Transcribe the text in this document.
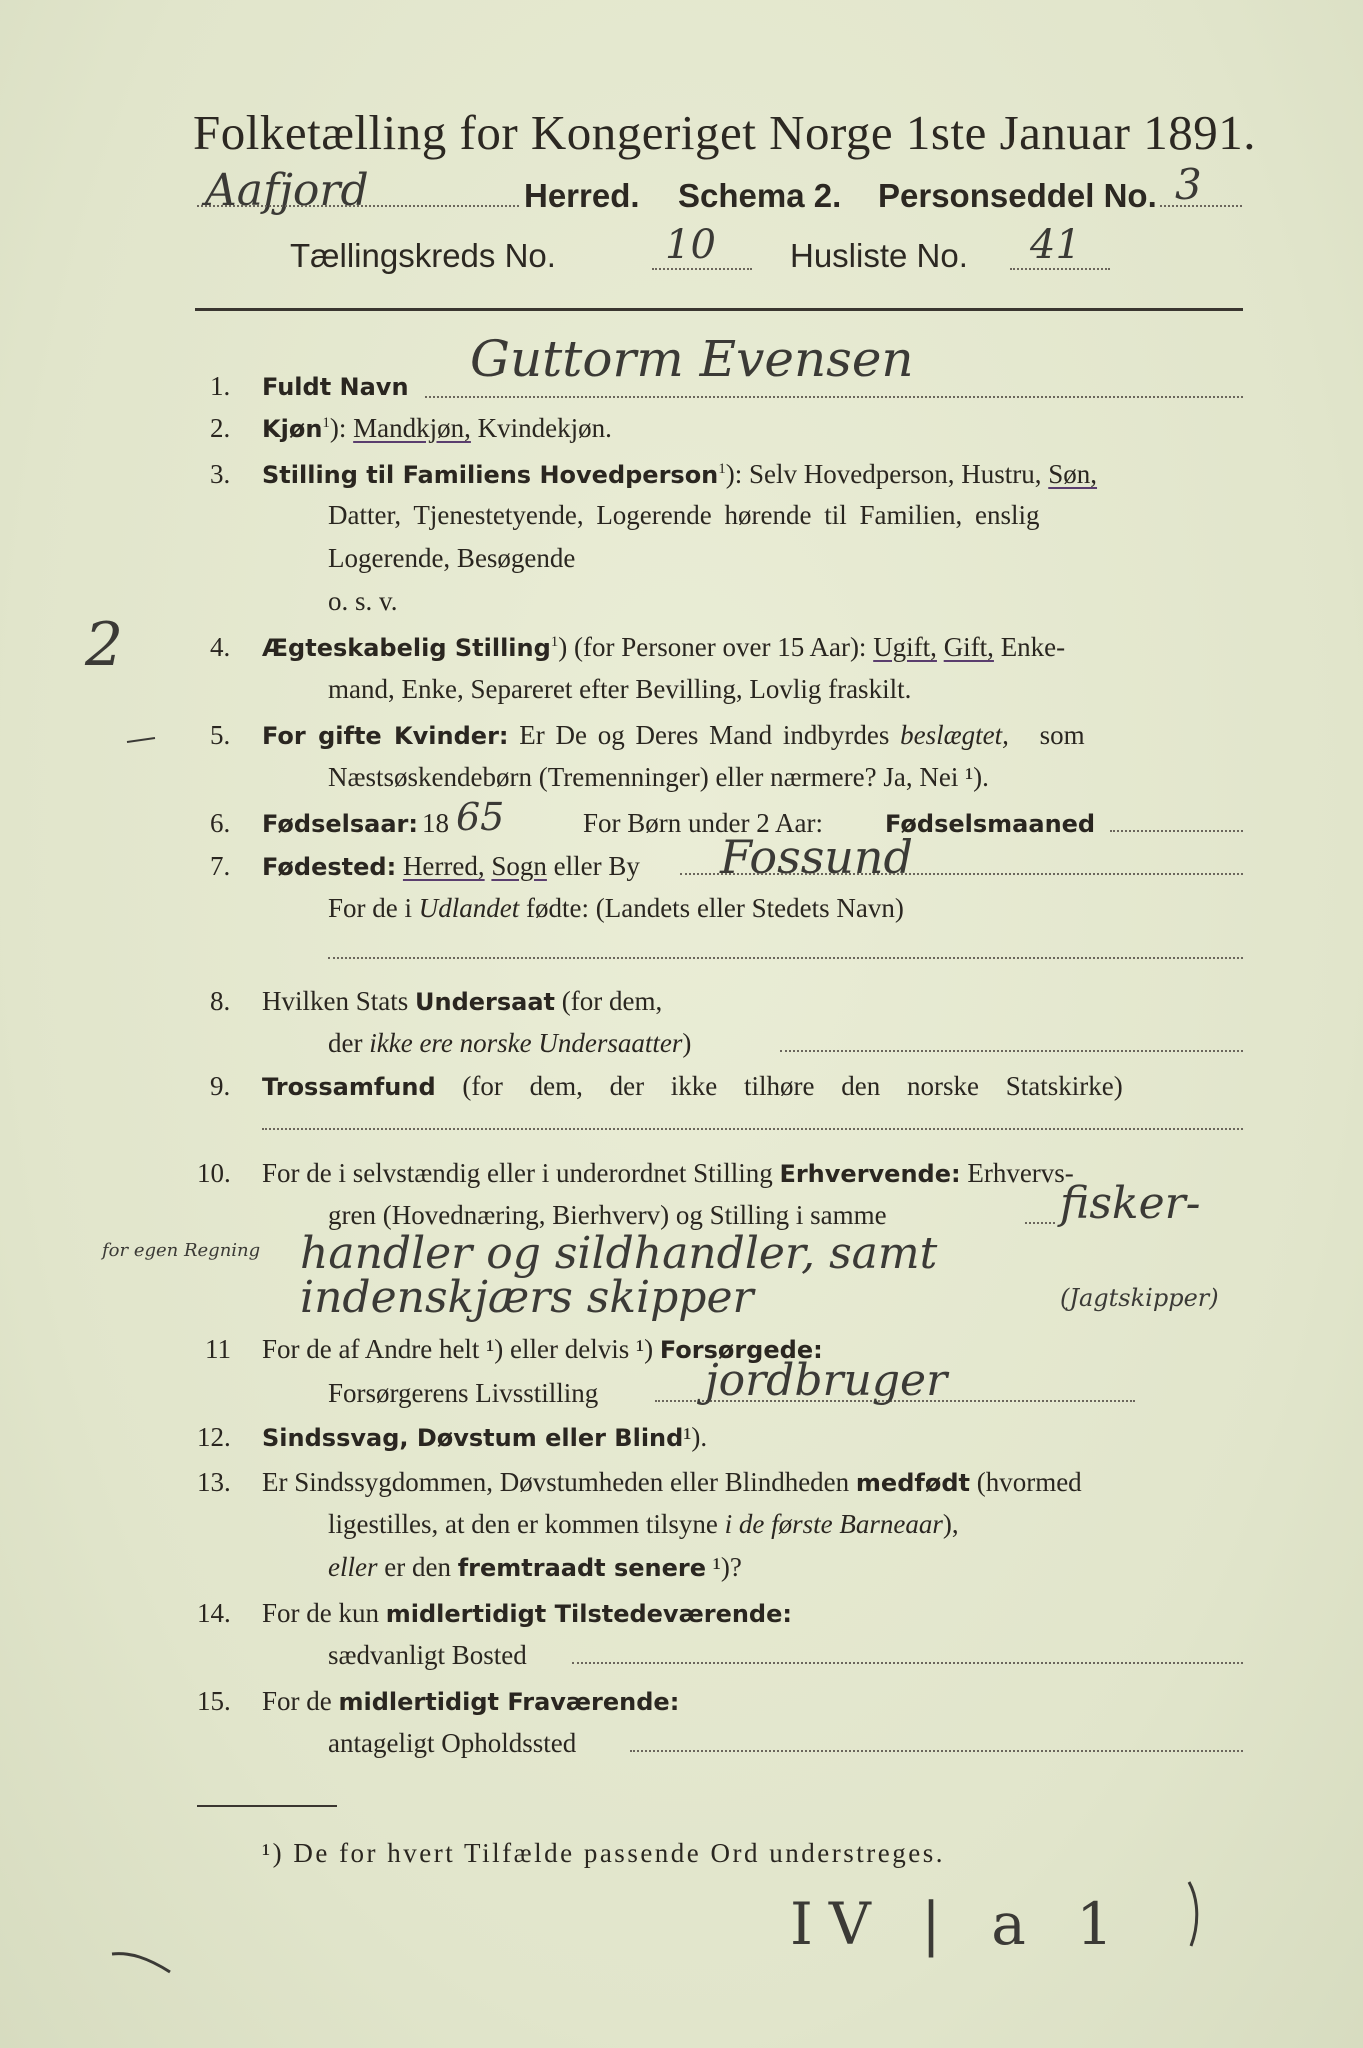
Folketælling for Kongeriget Norge 1ste Januar 1891.
Aafjord	Herred. Schema 2. Personseddel No. 3
Tællingskreds No.	10 Husliste No. 41
1. Fuldt Navn Guttorm Evensen
2. Kjøn$^1$): Mandkjøn, Kvindekjøn.
3. Stilling til Familiens Hovedperson$^1$): Selv Hovedperson, Hustru, Søn,
Datter, Tjenestetyende, Logerende hørende til Familien, enslig
Logerende, Besøgende
o. s. v.
2	4. Ægteskabelig Stilling$^1$) (for Personer over 15 Aar): Ugift, Gift, Enke-
mand, Enke, Separeret efter Bevilling, Lovlig fraskilt.
5. For gifte Kvinder: Er De og Deres Mand indbyrdes beslægtet, som
Næstsøskendebørn (Tremenninger) eller nærmere? Ja, Nei ¹).
6. Fødselsaar: 18 65	For Børn under 2 Aar:	Fødselsmaaned
7. Fødested: Herred, Sogn eller By Fossund
For de i Udlandet fødte: (Landets eller Stedets Navn)
8. Hvilken Stats Undersaat (for dem,
der ikke ere norske Undersaatter)
9. Trossamfund (for dem, der ikke tilhøre den norske Statskirke)
10. For de i selvstændig eller i underordnet Stilling Erhvervende: Erhvervs-
gren (Hovednæring, Bierhverv) og Stilling i samme	fisker-
for egen Regning handler og sildhandler, samt
indenskjærs skipper	(Jagtskipper)
11 For de af Andre helt ¹) eller delvis ¹) Forsørgede:
Forsørgerens Livsstilling jordbruger
12. Sindssvag, Døvstum eller Blind¹).
13. Er Sindssygdommen, Døvstumheden eller Blindheden medfødt (hvormed
ligestilles, at den er kommen tilsyne i de første Barneaar),
eller er den fremtraadt senere ¹)?
14. For de kun midlertidigt Tilstedeværende:
sædvanligt Bosted
15. For de midlertidigt Fraværende:
antageligt Opholdssted
¹) De for hvert Tilfælde passende Ord understreges.
IV | a 1
